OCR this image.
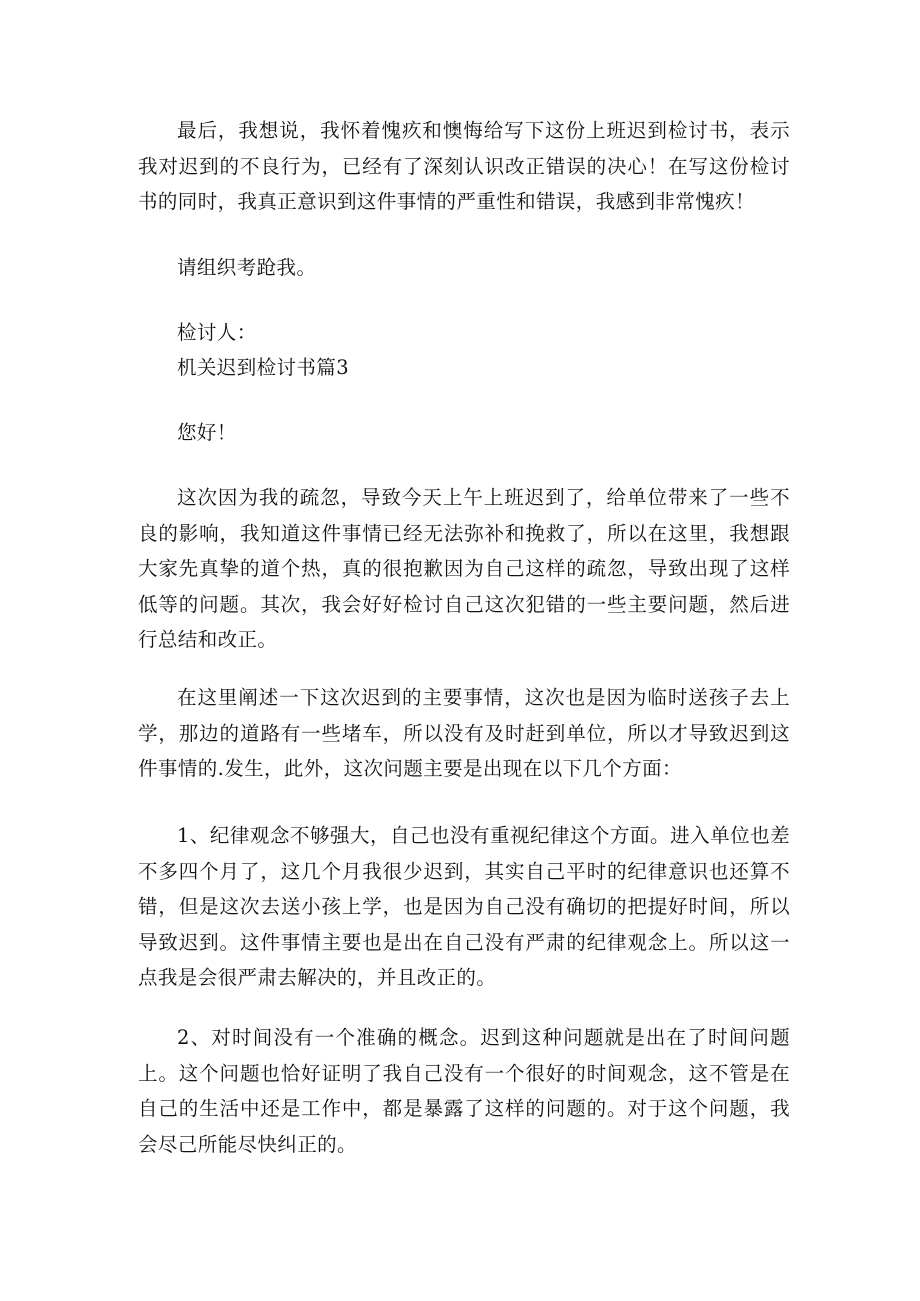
最后，我想说，我怀着愧疚和懊悔给写下这份上班迟到检讨书，表示我对迟到的不良行为，已经有了深刻认识改正错误的决心！在写这份检讨书的同时，我真正意识到这件事情的严重性和错误，我感到非常愧疚！

请组织考跄我。

检讨人：

机关迟到检讨书篇3

您好！

这次因为我的疏忽，导致今天上午上班迟到了，给单位带来了一些不良的影响，我知道这件事情已经无法弥补和挽救了，所以在这里，我想跟大家先真挚的道个热，真的很抱歉因为自己这样的疏忽，导致出现了这样低等的问题。其次，我会好好检讨自己这次犯错的一些主要问题，然后进行总结和改正。

在这里阐述一下这次迟到的主要事情，这次也是因为临时送孩子去上学，那边的道路有一些堵车，所以没有及时赶到单位，所以才导致迟到这件事情的.发生，此外，这次问题主要是出现在以下几个方面：

1、纪律观念不够强大，自己也没有重视纪律这个方面。进入单位也差不多四个月了，这几个月我很少迟到，其实自己平时的纪律意识也还算不错，但是这次去送小孩上学，也是因为自己没有确切的把提好时间，所以导致迟到。这件事情主要也是出在自己没有严肃的纪律观念上。所以这一点我是会很严肃去解决的，并且改正的。

2、对时间没有一个准确的概念。迟到这种问题就是出在了时间问题上。这个问题也恰好证明了我自己没有一个很好的时间观念，这不管是在自己的生活中还是工作中，都是暴露了这样的问题的。对于这个问题，我会尽己所能尽快纠正的。
